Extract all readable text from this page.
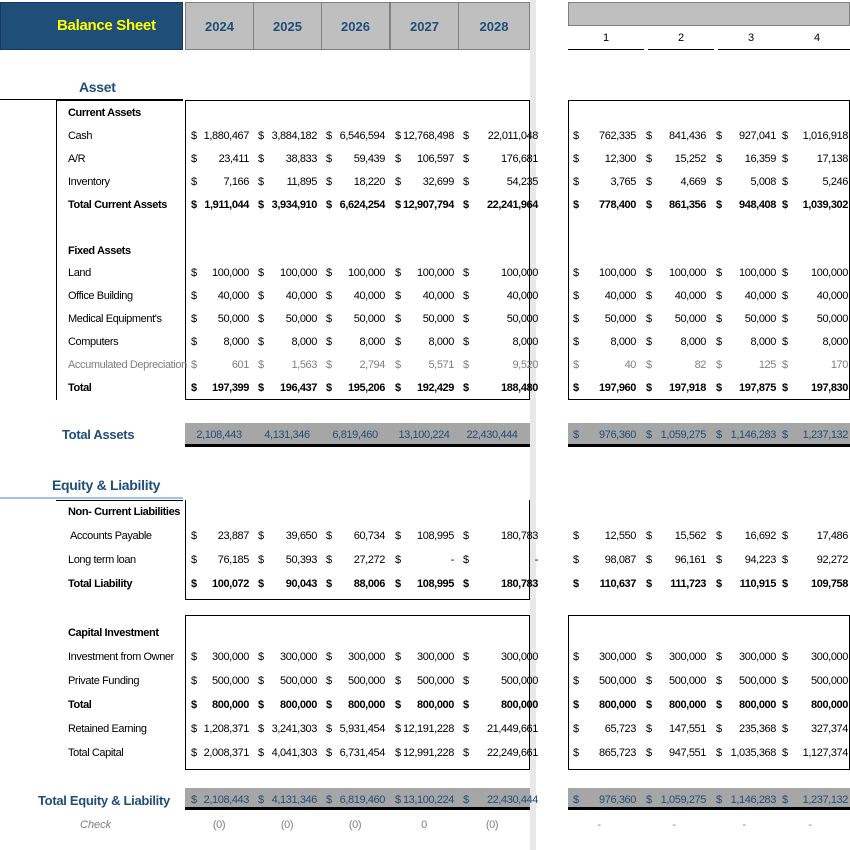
Balance Sheet	2024	2025	2026	2027	2028
1	2	3	4
Asset
Equity & Liability
Current Assets
Cash	$ 1,880,467 $ 3,884,182 $ 6,546,594 $ 12,768,498 $	22,011,048	$	762,335 $	841,436 $	927,041 $	1,016,918
A/R	$	23,411 $	38,833 $	59,439 $	106,597 $	176,681	$	12,300 $	15,252 $	16,359 $	17,138
Inventory	$	7,166 $	11,895 $	18,220 $	32,699 $	54,235	$	3,765 $	4,669 $	5,008 $	5,246
Total Current Assets $ 1,911,044 $ 3,934,910 $ 6,624,254 $ 12,907,794 $	22,241,964	$	778,400 $	861,356 $	948,408 $	1,039,302
Fixed Assets
Land	$	100,000 $	100,000 $	100,000 $	100,000 $	100,000	$	100,000 $	100,000 $	100,000 $	100,000
Office Building	$	40,000 $	40,000 $	40,000 $	40,000 $	40,000	$	40,000 $	40,000 $	40,000 $	40,000
Medical Equipment's	$	50,000 $	50,000 $	50,000 $	50,000 $	50,000	$	50,000 $	50,000 $	50,000 $	50,000
Computers	$	8,000 $	8,000 $	8,000 $	8,000 $	8,000	$	8,000 $	8,000 $	8,000 $	8,000
Accumulated Depreciation $	601 $	1,563 $	2,794 $	5,571 $	9,520	$	40 $	82 $	125 $	170
Total	$	197,399 $	196,437 $	195,206 $	192,429 $	188,480	$	197,960 $	197,918 $	197,875 $	197,830
Total Assets	2,108,443	4,131,346	6,819,460	13,100,224	22,430,444	$	976,360 $ 1,059,275 $ 1,146,283 $	1,237,132
Non- Current Liabilities
Accounts Payable	$	23,887 $	39,650 $	60,734 $	108,995 $	180,783	$	12,550 $	15,562 $	16,692 $	17,486
Long term loan	$	76,185 $	50,393 $	27,272 $	- $	-	$	98,087 $	96,161 $	94,223 $	92,272
Total Liability	$	100,072 $	90,043 $	88,006 $	108,995 $	180,783	$	110,637 $	111,723 $	110,915 $	109,758
Capital Investment
Investment from Owner $	300,000 $	300,000 $	300,000 $	300,000 $	300,000	$	300,000 $	300,000 $	300,000 $	300,000
Private Funding	$	500,000 $	500,000 $	500,000 $	500,000 $	500,000	$	500,000 $	500,000 $	500,000 $	500,000
Total	$	800,000 $	800,000 $	800,000 $	800,000 $	800,000	$	800,000 $	800,000 $	800,000 $	800,000
Retained Earning	$ 1,208,371 $ 3,241,303 $ 5,931,454 $ 12,191,228 $	21,449,661	$	65,723 $	147,551 $	235,368 $	327,374
Total Capital	$ 2,008,371 $ 4,041,303 $ 6,731,454 $ 12,991,228 $	22,249,661	$	865,723 $	947,551 $ 1,035,368 $	1,127,374
Total Equity & Liability $ 2,108,443 $ 4,131,346 $ 6,819,460 $ 13,100,224 $	22,430,444	$	976,360 $ 1,059,275 $ 1,146,283 $	1,237,132
Check	(0)	(0)	(0)	0	(0)	-	-	-	-
